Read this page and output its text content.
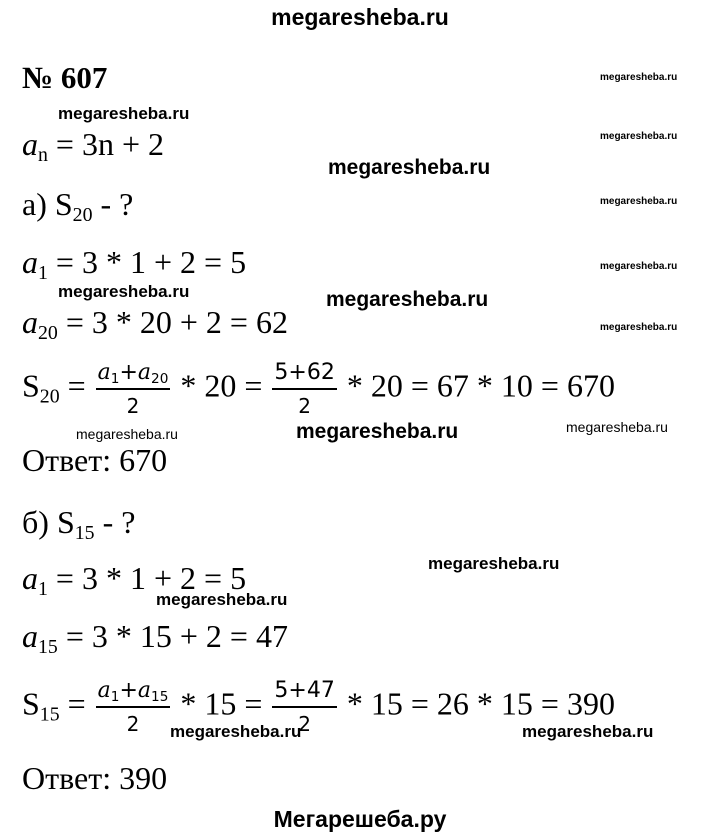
megaresheba.ru
Мегарешеба.ру
№ 607
$a_n = 3n + 2$
а) $S_{20}$ - ?
$a_1 = 3 * 1 + 2 = 5$
$a_{20} = 3 * 20 + 2 = 62$
$S_{20} = \frac{a_1+a_{20}}{2} * 20 = \frac{5+62}{2} * 20 = 67 * 10 = 670$
Ответ: 670
б) $S_{15}$ - ?
$a_1 = 3 * 1 + 2 = 5$
$a_{15} = 3 * 15 + 2 = 47$
$S_{15} = \frac{a_1+a_{15}}{2} * 15 = \frac{5+47}{2} * 15 = 26 * 15 = 390$
Ответ: 390
megaresheba.ru
megaresheba.ru
megaresheba.ru
megaresheba.ru
megaresheba.ru
megaresheba.ru
megaresheba.ru	megaresheba.ru
megaresheba.ru
megaresheba.ru	megaresheba.ru	megaresheba.ru
megaresheba.ru
megaresheba.ru
megaresheba.ru	megaresheba.ru
